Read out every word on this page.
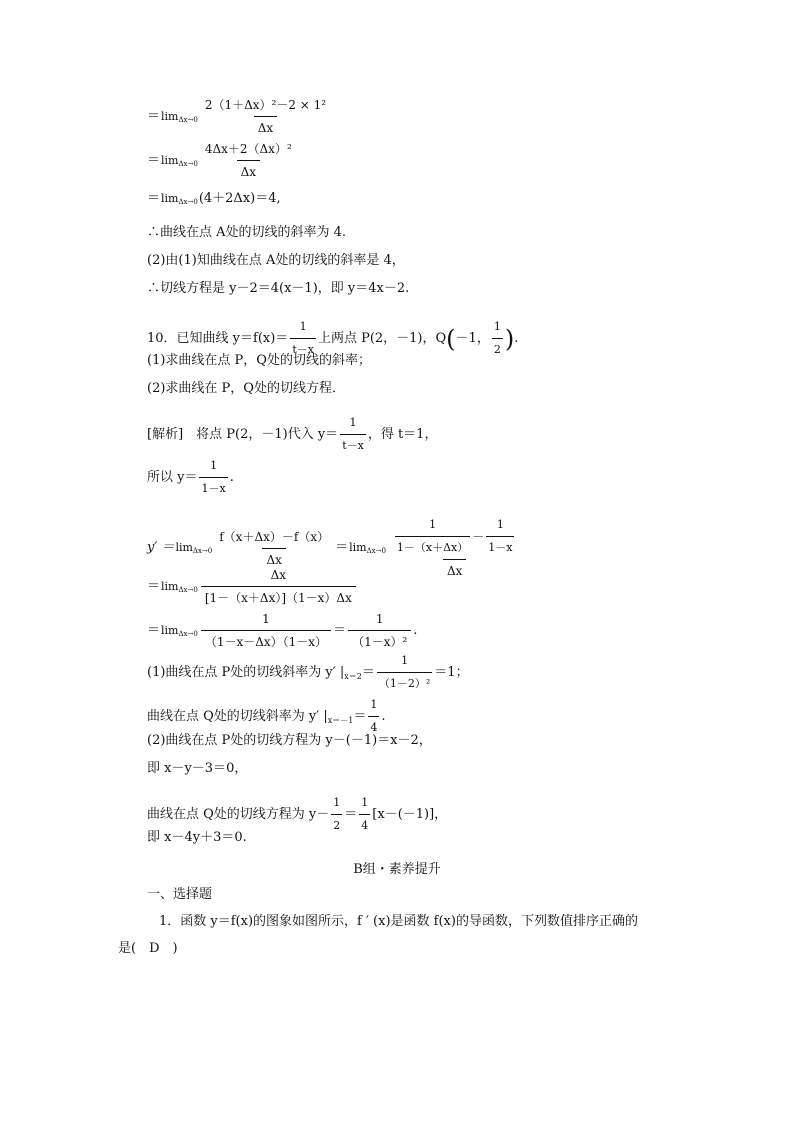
＝ $\lim \Delta x\to 0 \frac{\text{2（1＋Δx）²－2 × 1²}}{\Delta x}$
＝ $\lim \Delta x\to 0 \frac{\text{4Δx＋2（Δx）²}}{\Delta x}$
＝ lim Δx→0 (4＋2Δx)＝4,
∴曲线在点 A处的切线的斜率为 4.
(2)由(1)知曲线在点 A处的切线的斜率是 4，
∴切线方程是 y－2＝4(x－1)，即 y＝4x－2.
10．已知曲线 $y=f(x)= \frac{1}{t-x}$ 上两点 P(2，－1)，Q ( －1， $\frac{1}{2}$ ) .
(1)求曲线在点 P，Q处的切线的斜率；
(2)求曲线在 P，Q处的切线方程．
[解析]　将点 P(2，－1)代入 $y= \frac{1}{t-x}$ ，得 t＝1，
所以 $y= \frac{1}{1-x}$ .
$y' = \lim \Delta x\to 0 \frac{f(x+\Delta x)-f(x)}{\Delta x} = \lim \Delta x\to 0 \frac{1}{1-(x+\Delta x)} - \frac{1}{1-x}$
Δx
＝ $\lim \Delta x\to 0 \frac{\Delta x}{[1-(x+\Delta x)](1-x)\Delta x}$
＝ $\lim \Delta x\to 0 \frac{1}{(1-x-\Delta x)(1-x)} = \frac{1}{\text{（1－x）²}}$ .
(1)曲线在点 P处的切线斜率为 y′ | $x=2 = \frac{1}{\text{（1－2）²}} =1$；
曲线在点 Q处的切线斜率为 y′ | $x=-1 = \frac{1}{4}$ .
(2)曲线在点 P处的切线方程为 y－(－1)＝x－2，
即 x－y－3＝0，
曲线在点 Q处的切线方程为 $y- \frac{1}{2} = \frac{1}{4} [x-(-1)]$，
即 x－4y＋3＝0.
B组・素养提升
一、选择题
1．函数 y＝f(x)的图象如图所示，f ′ (x)是函数 f(x)的导函数，下列数值排序正确的
是(　D　)
